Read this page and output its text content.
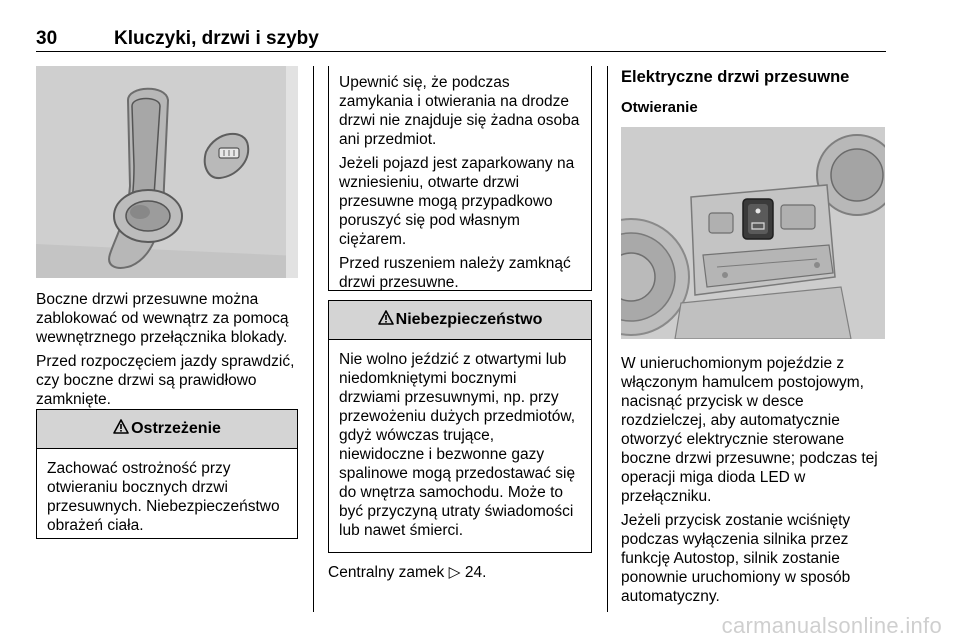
30	Kluczyki, drzwi i szyby

Boczne drzwi przesuwne można zablokować od wewnątrz za pomocą wewnętrznego przełącznika blokady.

Przed rozpoczęciem jazdy sprawdzić, czy boczne drzwi są prawidłowo zamknięte.

Ostrzeżenie

Zachować ostrożność przy otwieraniu bocznych drzwi przesuwnych. Niebezpieczeństwo obrażeń ciała.

Upewnić się, że podczas zamykania i otwierania na drodze drzwi nie znajduje się żadna osoba ani przedmiot.

Jeżeli pojazd jest zaparkowany na wzniesieniu, otwarte drzwi przesuwne mogą przypadkowo poruszyć się pod własnym ciężarem.

Przed ruszeniem należy zamknąć drzwi przesuwne.

Niebezpieczeństwo

Nie wolno jeździć z otwartymi lub niedomkniętymi bocznymi drzwiami przesuwnymi, np. przy przewożeniu dużych przedmiotów, gdyż wówczas trujące, niewidoczne i bezwonne gazy spalinowe mogą przedostawać się do wnętrza samochodu. Może to być przyczyną utraty świadomości lub nawet śmierci.

Centralny zamek ▷ 24.
Elektryczne drzwi przesuwne
Otwieranie

W unieruchomionym pojeździe z włączonym hamulcem postojowym, nacisnąć przycisk w desce rozdzielczej, aby automatycznie otworzyć elektrycznie sterowane boczne drzwi przesuwne; podczas tej operacji miga dioda LED w przełączniku.

Jeżeli przycisk zostanie wciśnięty podczas wyłączenia silnika przez funkcję Autostop, silnik zostanie ponownie uruchomiony w sposób automatyczny.

carmanualsonline.info
